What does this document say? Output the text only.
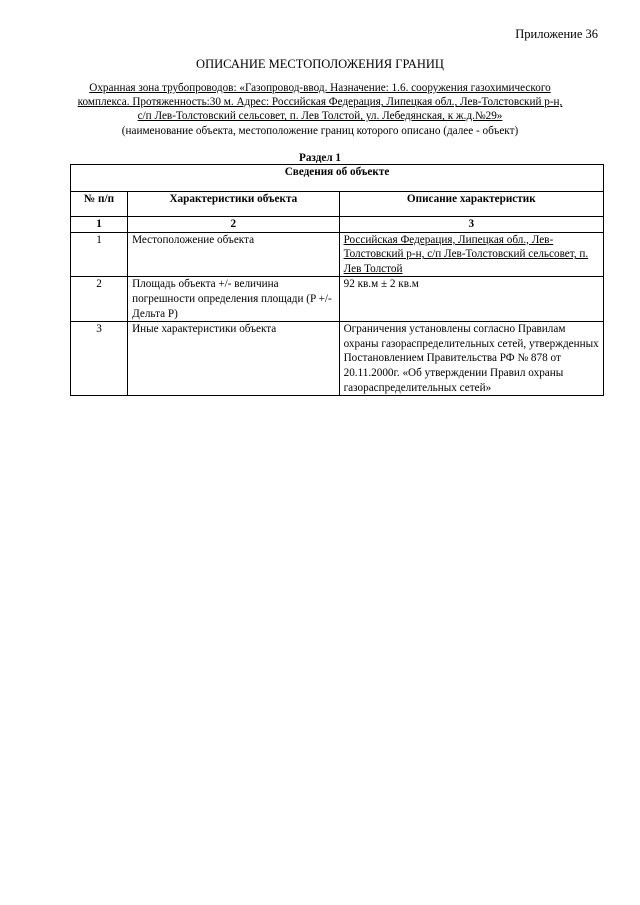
Приложение 36
ОПИСАНИЕ МЕСТОПОЛОЖЕНИЯ ГРАНИЦ
Охранная зона трубопроводов: «Газопровод-ввод. Назначение: 1.6. сооружения газохимического
комплекса. Протяженность:30 м. Адрес: Российская Федерация, Липецкая обл., Лев-Толстовский р-н,
с/п Лев-Толстовский сельсовет, п. Лев Толстой, ул. Лебедянская, к ж.д.№29»
(наименование объекта, местоположение границ которого описано (далее - объект)
Раздел 1
Сведения об объекте		
№ п/п	Характеристики объекта	Описание характеристик
1	2	3
1	Местоположение объекта	Российская Федерация, Липецкая обл., Лев-Толстовский р-н, с/п Лев-Толстовский сельсовет, п. Лев Толстой
2	Площадь объекта +/- величина погрешности определения площади (P +/- Дельта P)	92 кв.м ± 2 кв.м
3	Иные характеристики объекта	Ограничения установлены согласно Правилам охраны газораспределительных сетей, утвержденных Постановлением Правительства РФ № 878 от 20.11.2000г. «Об утверждении Правил охраны газораспределительных сетей»
